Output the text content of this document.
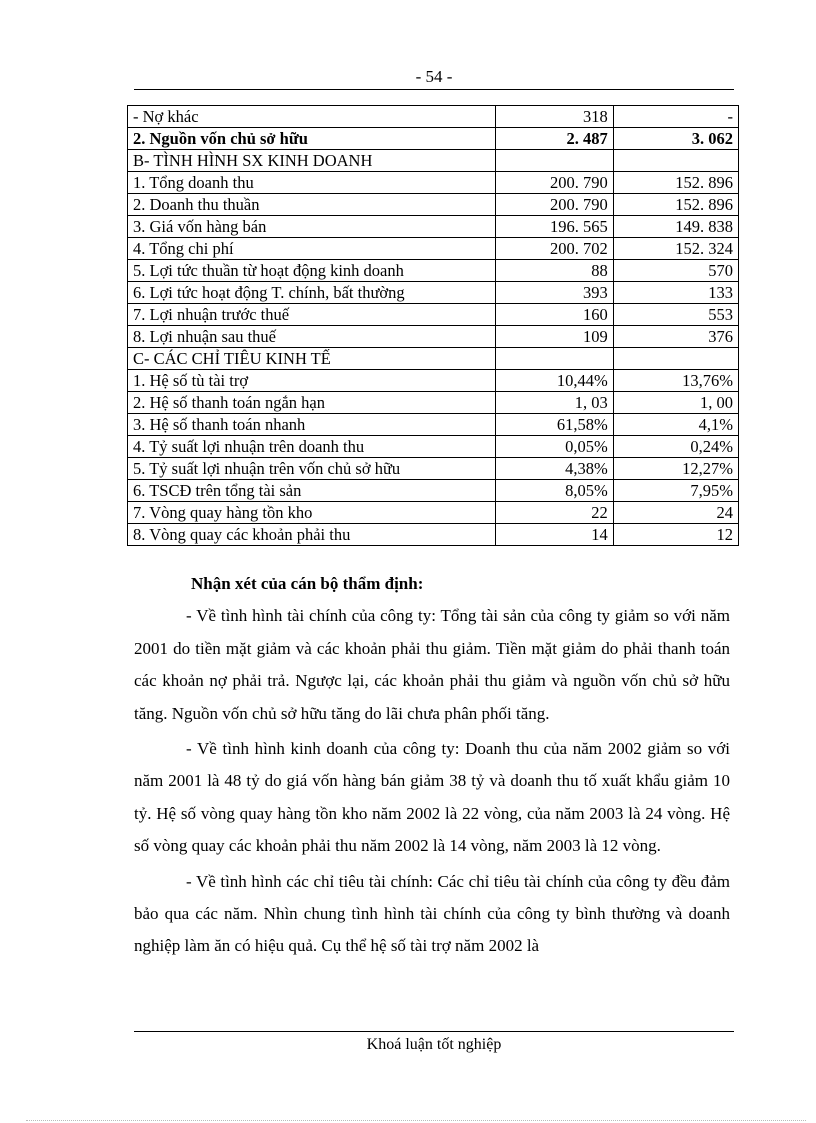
- 54 -
- Nợ khác	318	-
2. Nguồn vốn chủ sở hữu	2. 487	3. 062
B- TÌNH HÌNH SX KINH DOANH		
1. Tổng doanh thu	200. 790	152. 896
2. Doanh thu thuần	200. 790	152. 896
3. Giá vốn hàng bán	196. 565	149. 838
4. Tổng chi phí	200. 702	152. 324
5. Lợi tức thuần từ hoạt động kinh doanh	88	570
6. Lợi tức hoạt động T. chính, bất thường	393	133
7. Lợi nhuận trước thuế	160	553
8. Lợi nhuận sau thuế	109	376
C- CÁC CHỈ TIÊU KINH TẾ		
1. Hệ số tù tài trợ	10,44%	13,76%
2. Hệ số thanh toán ngắn hạn	1, 03	1, 00
3. Hệ số thanh toán nhanh	61,58%	4,1%
4. Tỷ suất lợi nhuận trên doanh thu	0,05%	0,24%
5. Tỷ suất lợi nhuận trên vốn chủ sở hữu	4,38%	12,27%
6. TSCĐ trên tổng tài sản	8,05%	7,95%
7. Vòng quay hàng tồn kho	22	24
8. Vòng quay các khoản phải thu	14	12
Nhận xét của cán bộ thẩm định:

- Về tình hình tài chính của công ty: Tổng tài sản của công ty giảm so với năm 2001 do tiền mặt giảm và các khoản phải thu giảm. Tiền mặt giảm do phải thanh toán các khoản nợ phải trả. Ngược lại, các khoản phải thu giảm và nguồn vốn chủ sở hữu tăng. Nguồn vốn chủ sở hữu tăng do lãi chưa phân phối tăng.

- Về tình hình kinh doanh của công ty: Doanh thu của năm 2002 giảm so với năm 2001 là 48 tỷ do giá vốn hàng bán giảm 38 tỷ và doanh thu tố xuất khẩu giảm 10 tỷ. Hệ số vòng quay hàng tồn kho năm 2002 là 22 vòng, của năm 2003 là 24 vòng. Hệ số vòng quay các khoản phải thu năm 2002 là 14 vòng, năm 2003 là 12 vòng.

- Về tình hình các chỉ tiêu tài chính: Các chỉ tiêu tài chính của công ty đều đảm bảo qua các năm. Nhìn chung tình hình tài chính của công ty bình thường và doanh nghiệp làm ăn có hiệu quả. Cụ thể hệ số tài trợ năm 2002 là

Khoá luận tốt nghiệp
